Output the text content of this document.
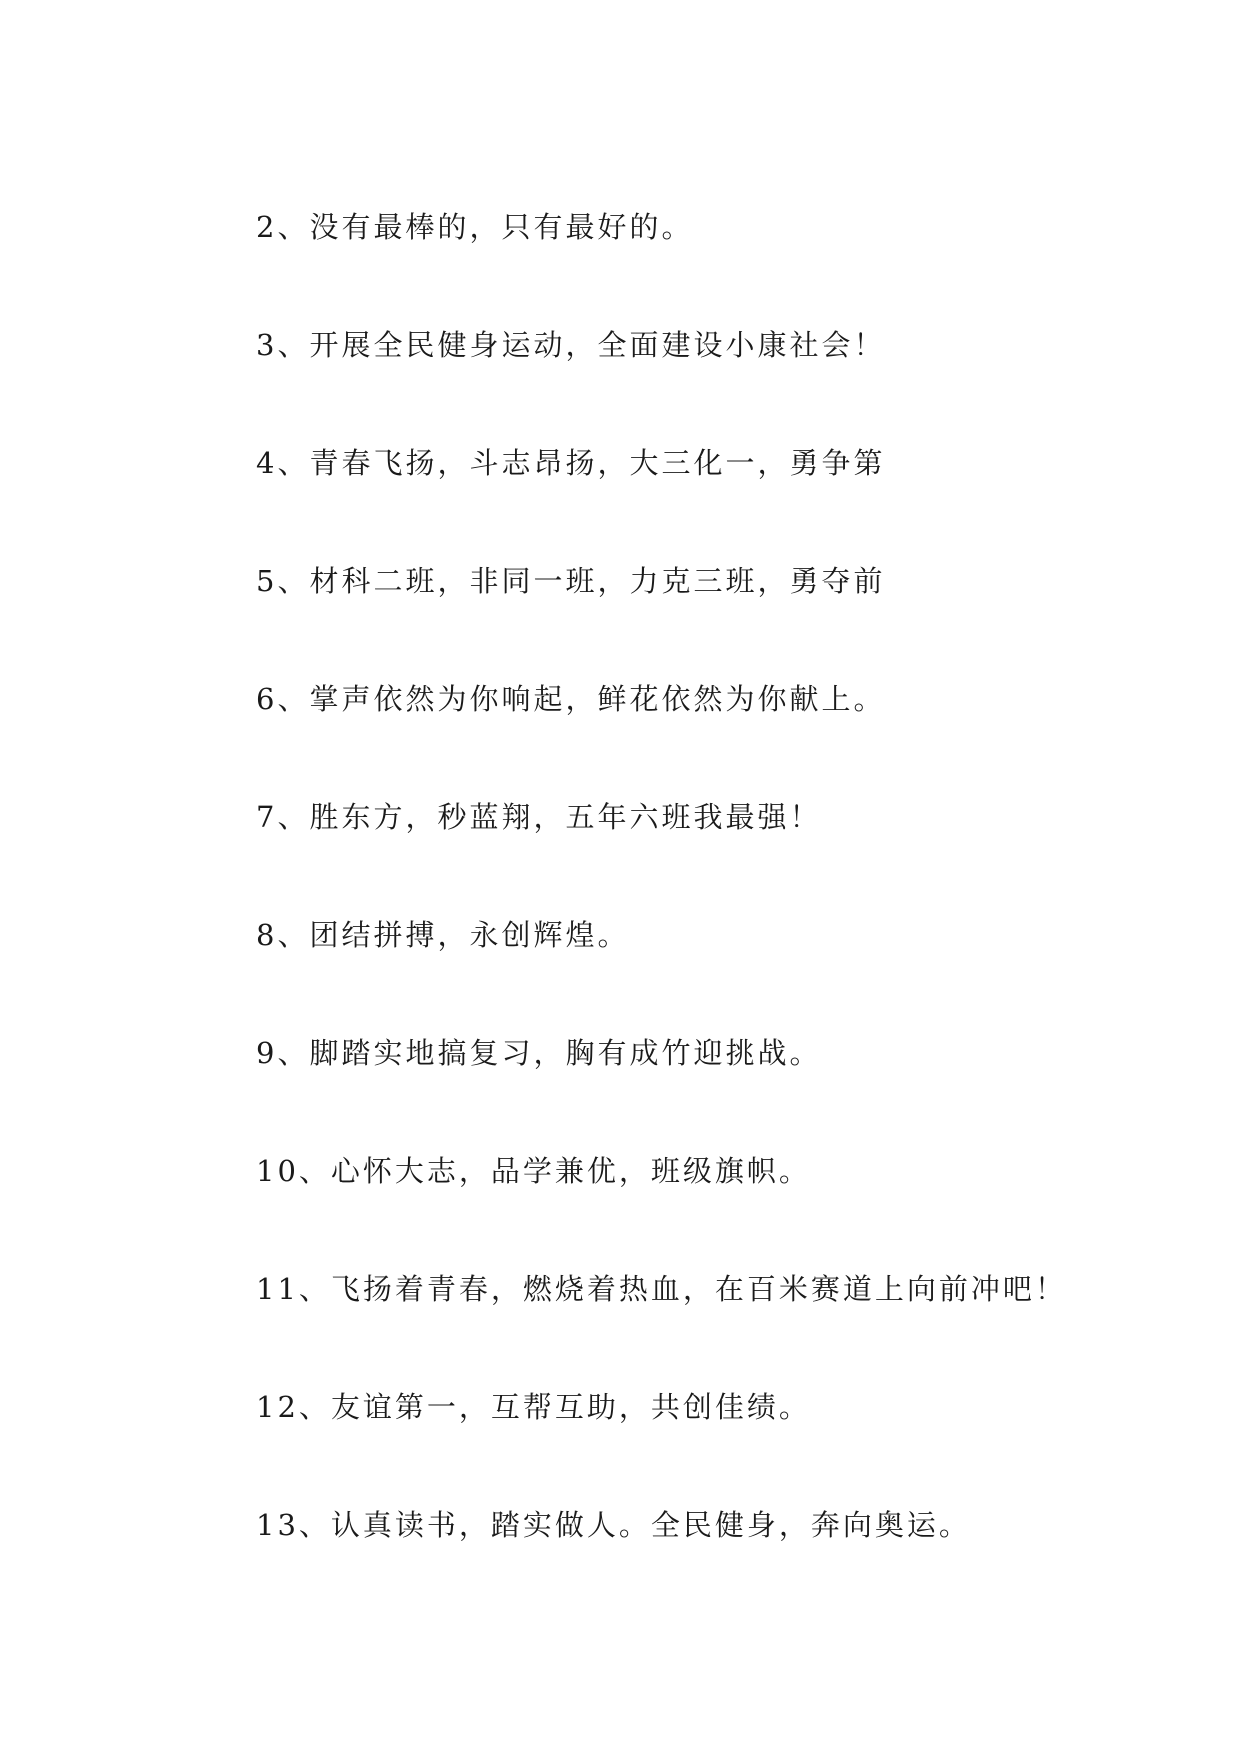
2、没有最棒的，只有最好的。
3、开展全民健身运动，全面建设小康社会！
4、青春飞扬，斗志昂扬，大三化一，勇争第
5、材科二班，非同一班，力克三班，勇夺前
6、掌声依然为你响起，鲜花依然为你献上。
7、胜东方，秒蓝翔，五年六班我最强！
8、团结拼搏，永创辉煌。
9、脚踏实地搞复习，胸有成竹迎挑战。
10、心怀大志，品学兼优，班级旗帜。
11、飞扬着青春，燃烧着热血，在百米赛道上向前冲吧！
12、友谊第一，互帮互助，共创佳绩。
13、认真读书，踏实做人。全民健身，奔向奥运。
